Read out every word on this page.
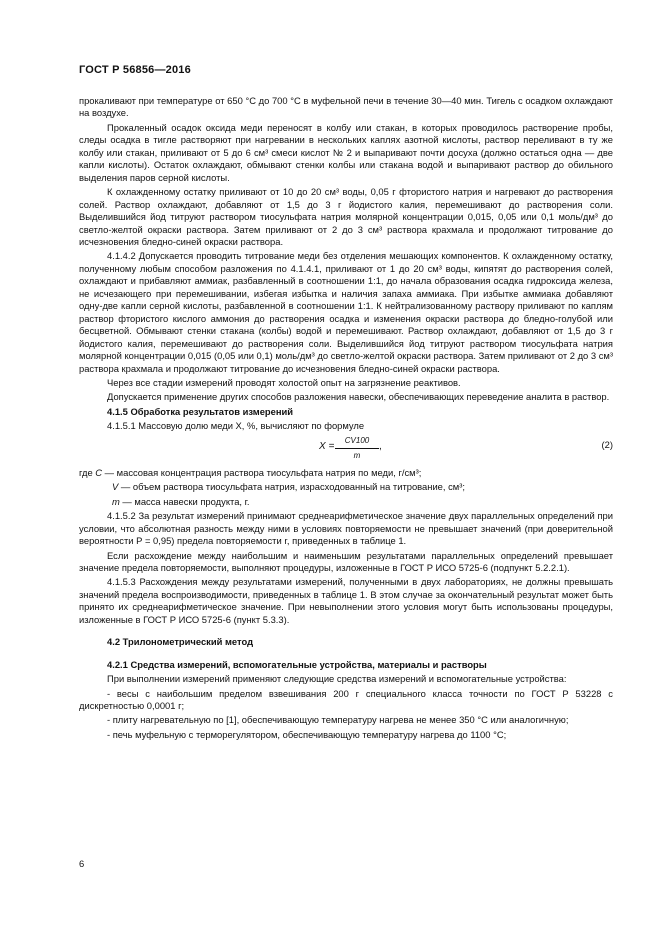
ГОСТ Р 56856—2016

прокаливают при температуре от 650 °С до 700 °С в муфельной печи в течение 30—40 мин. Тигель с осадком охлаждают на воздухе.

Прокаленный осадок оксида меди переносят в колбу или стакан, в которых проводилось растворение пробы, следы осадка в тигле растворяют при нагревании в нескольких каплях азотной кислоты, раствор переливают в ту же колбу или стакан, приливают от 5 до 6 см³ смеси кислот № 2 и выпаривают почти досуха (должно остаться одна — две капли кислоты). Остаток охлаждают, обмывают стенки колбы или стакана водой и выпаривают раствор до обильного выделения паров серной кислоты.

К охлажденному остатку приливают от 10 до 20 см³ воды, 0,05 г фтористого натрия и нагревают до растворения солей. Раствор охлаждают, добавляют от 1,5 до 3 г йодистого калия, перемешивают до растворения соли. Выделившийся йод титруют раствором тиосульфата натрия молярной концентрации 0,015, 0,05 или 0,1 моль/дм³ до светло-желтой окраски раствора. Затем приливают от 2 до 3 см³ раствора крахмала и продолжают титрование до исчезновения бледно-синей окраски раствора.

4.1.4.2 Допускается проводить титрование меди без отделения мешающих компонентов. К охлажденному остатку, полученному любым способом разложения по 4.1.4.1, приливают от 1 до 20 см³ воды, кипятят до растворения солей, охлаждают и прибавляют аммиак, разбавленный в соотношении 1:1, до начала образования осадка гидроксида железа, не исчезающего при перемешивании, избегая избытка и наличия запаха аммиака. При избытке аммиака добавляют одну-две капли серной кислоты, разбавленной в соотношении 1:1. К нейтрализованному раствору приливают по каплям раствор фтористого кислого аммония до растворения осадка и изменения окраски раствора до бледно-голубой или бесцветной. Обмывают стенки стакана (колбы) водой и перемешивают. Раствор охлаждают, добавляют от 1,5 до 3 г йодистого калия, перемешивают до растворения соли. Выделившийся йод титруют раствором тиосульфата натрия молярной концентрации 0,015 (0,05 или 0,1) моль/дм³ до светло-желтой окраски раствора. Затем приливают от 2 до 3 см³ раствора крахмала и продолжают титрование до исчезновения бледно-синей окраски раствора.

Через все стадии измерений проводят холостой опыт на загрязнение реактивов.

Допускается применение других способов разложения навески, обеспечивающих переведение аналита в раствор.

4.1.5 Обработка результатов измерений

4.1.5.1 Массовую долю меди X, %, вычисляют по формуле

$X = \frac{CV100}{m}$ ,	(2)
где С — массовая концентрация раствора тиосульфата натрия по меди, г/см³;
V — объем раствора тиосульфата натрия, израсходованный на титрование, см³;
m — масса навески продукта, г.

4.1.5.2 За результат измерений принимают среднеарифметическое значение двух параллельных определений при условии, что абсолютная разность между ними в условиях повторяемости не превышает значений (при доверительной вероятности Р = 0,95) предела повторяемости r, приведенных в таблице 1.

Если расхождение между наибольшим и наименьшим результатами параллельных определений превышает значение предела повторяемости, выполняют процедуры, изложенные в ГОСТ Р ИСО 5725-6 (подпункт 5.2.2.1).

4.1.5.3 Расхождения между результатами измерений, полученными в двух лабораториях, не должны превышать значений предела воспроизводимости, приведенных в таблице 1. В этом случае за окончательный результат может быть принято их среднеарифметическое значение. При невыполнении этого условия могут быть использованы процедуры, изложенные в ГОСТ Р ИСО 5725-6 (пункт 5.3.3).

4.2 Трилонометрический метод

4.2.1 Средства измерений, вспомогательные устройства, материалы и растворы

При выполнении измерений применяют следующие средства измерений и вспомогательные устройства:

- весы с наибольшим пределом взвешивания 200 г специального класса точности по ГОСТ Р 53228 с дискретностью 0,0001 г;

- плиту нагревательную по [1], обеспечивающую температуру нагрева не менее 350 °С или аналогичную;

- печь муфельную с терморегулятором, обеспечивающую температуру нагрева до 1100 °С;

6
